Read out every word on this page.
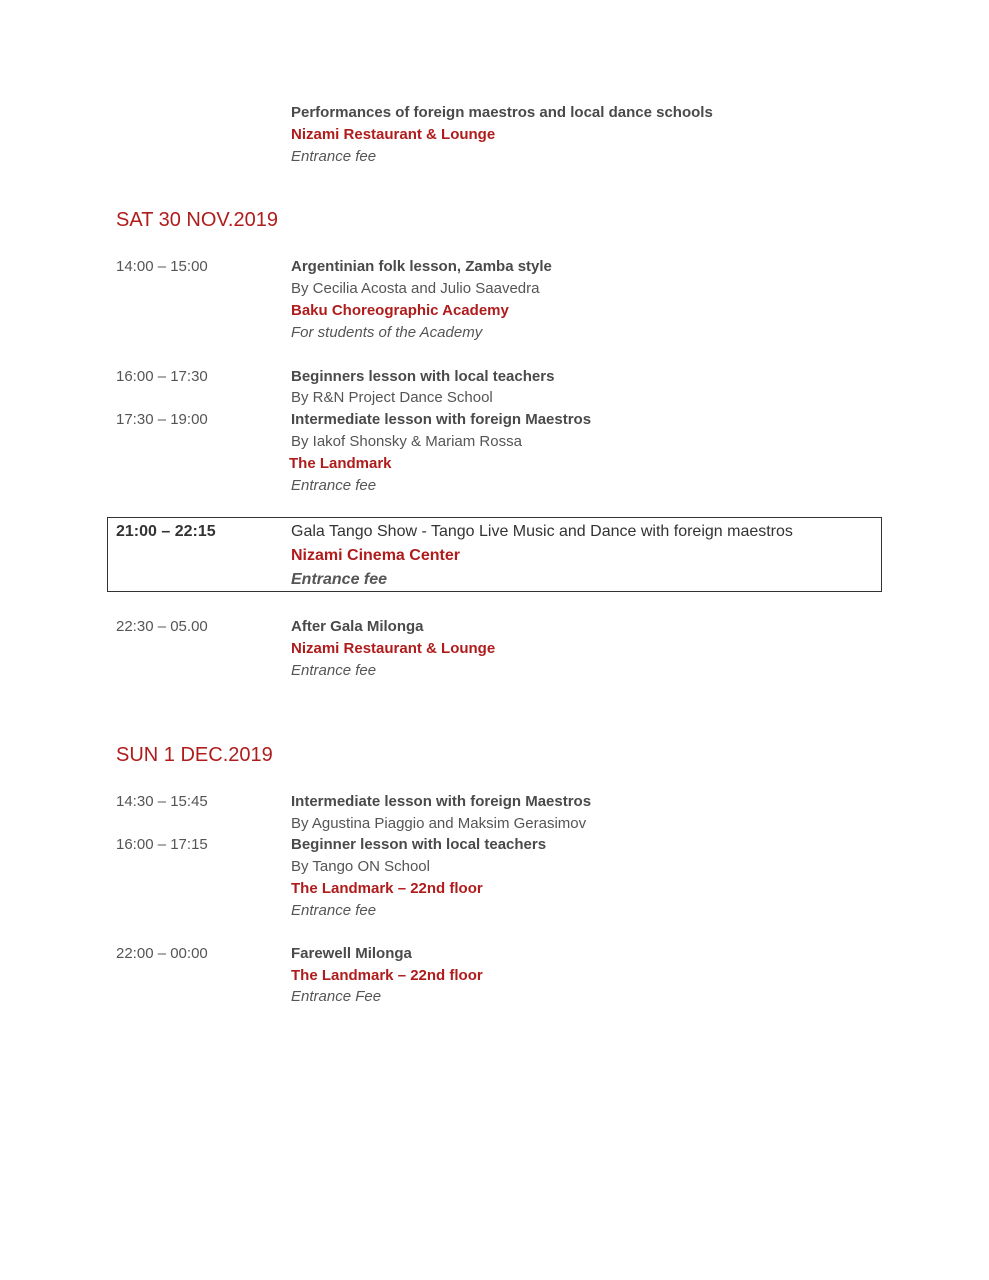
Performances of foreign maestros and local dance schools
Nizami Restaurant & Lounge
Entrance fee
SAT 30 NOV.2019
14:00 – 15:00	Argentinian folk lesson, Zamba style
By Cecilia Acosta and Julio Saavedra
Baku Choreographic Academy
For students of the Academy
16:00 – 17:30	Beginners lesson with local teachers
By R&N Project Dance School
17:30 – 19:00	Intermediate lesson with foreign Maestros
By Iakof Shonsky & Mariam Rossa
The Landmark
Entrance fee
21:00 – 22:15	Gala Tango Show - Tango Live Music and Dance with foreign maestros
Nizami Cinema Center
Entrance fee
22:30 – 05.00	After Gala Milonga
Nizami Restaurant & Lounge
Entrance fee
SUN 1 DEC.2019
14:30 – 15:45	Intermediate lesson with foreign Maestros
By Agustina Piaggio and Maksim Gerasimov
16:00 – 17:15	Beginner lesson with local teachers
By Tango ON School
The Landmark – 22nd floor
Entrance fee
22:00 – 00:00	Farewell Milonga
The Landmark – 22nd floor
Entrance Fee
